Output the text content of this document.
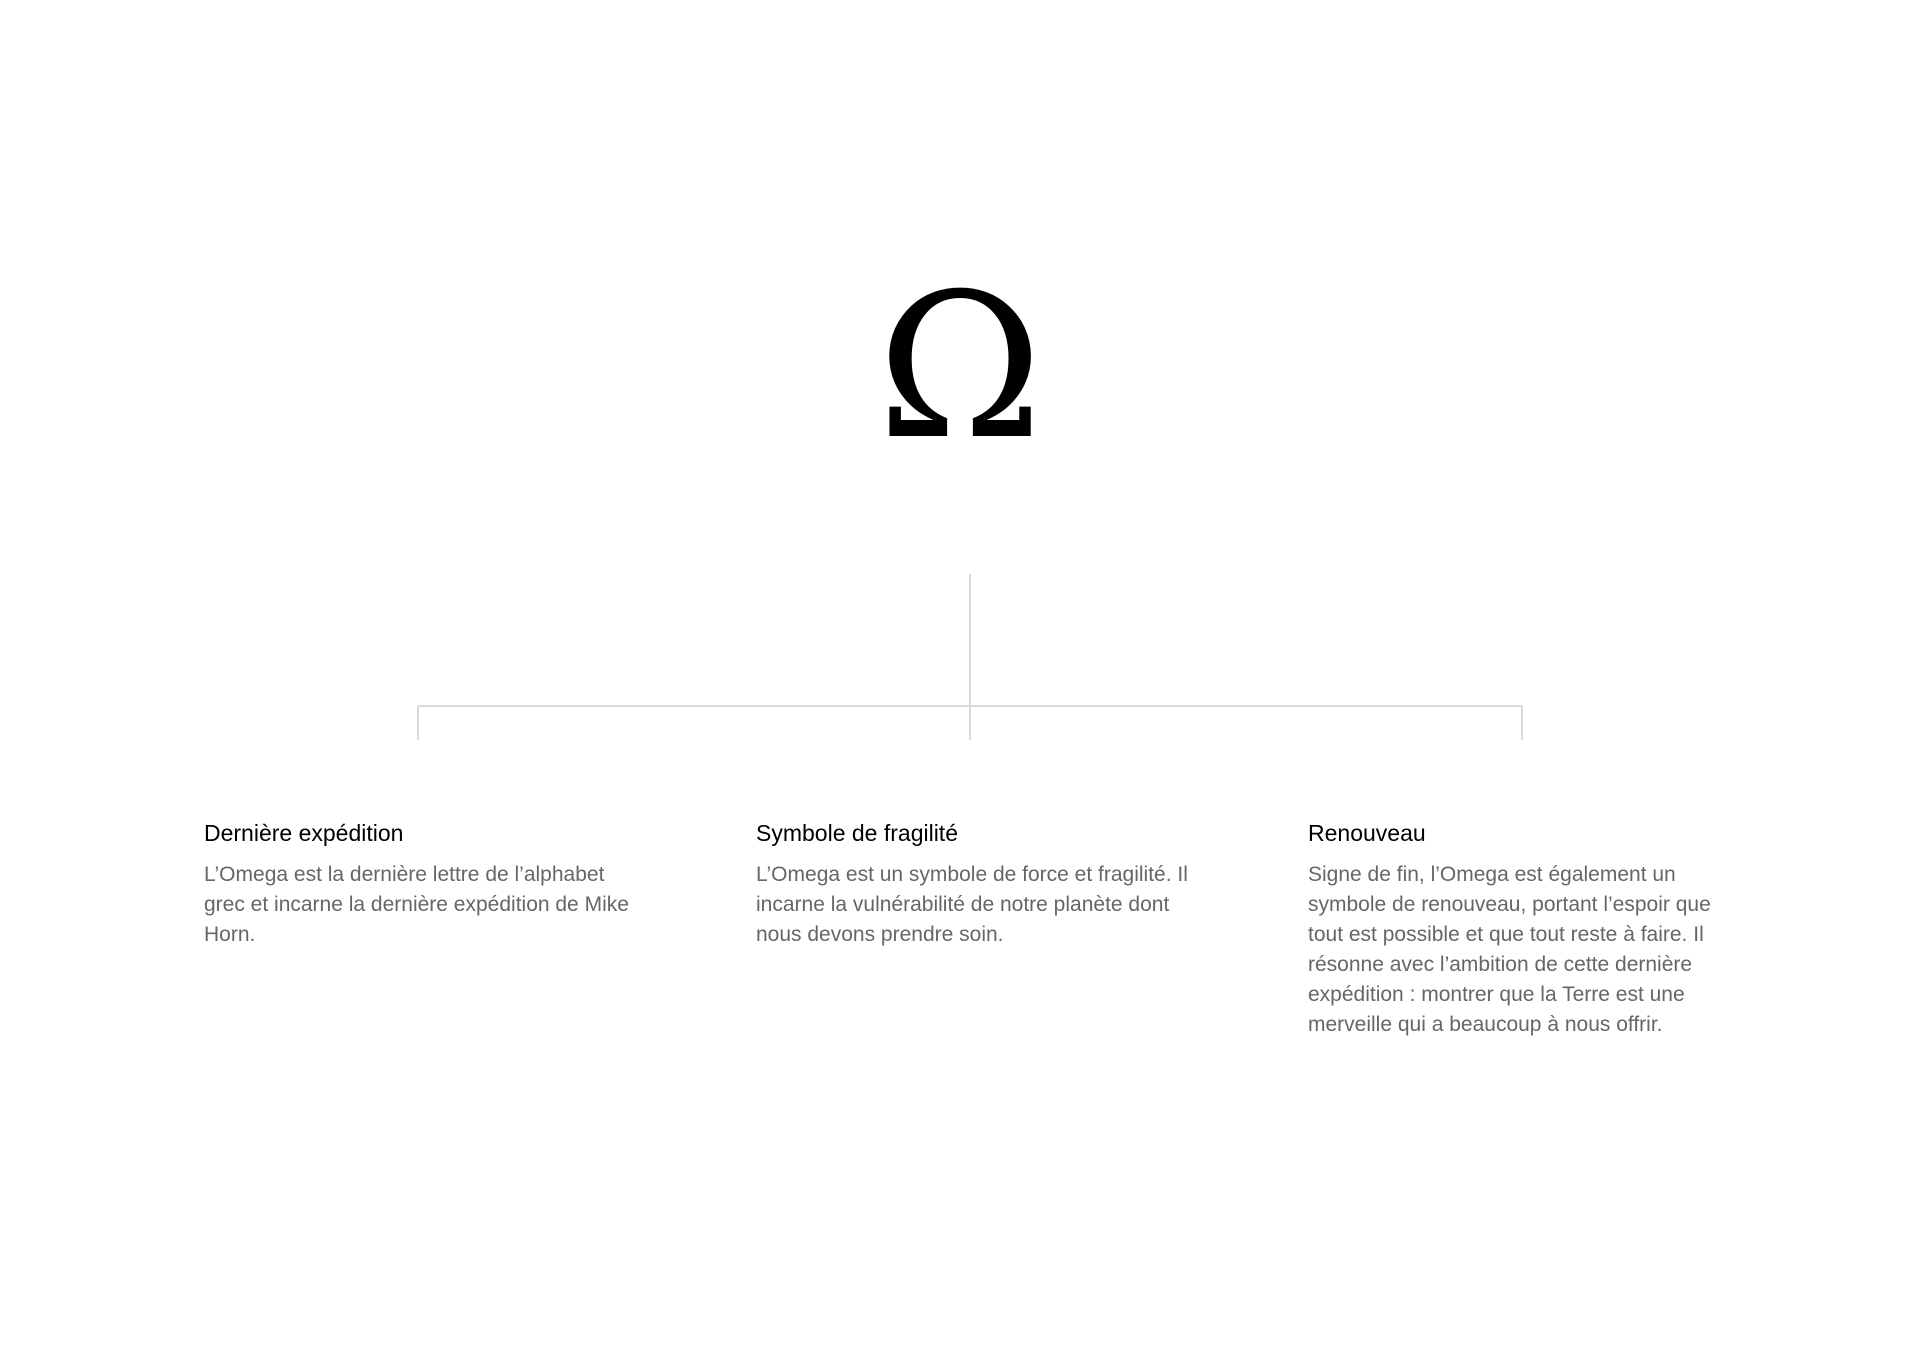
Ω
Dernière expédition

L’Omega est la dernière lettre de l’alphabet grec et incarne la dernière expédition de Mike Horn.

Symbole de fragilité

L’Omega est un symbole de force et fragilité. Il incarne la vulnérabilité de notre planète dont nous devons prendre soin.

Renouveau

Signe de fin, l’Omega est également un symbole de renouveau, portant l’espoir que tout est possible et que tout reste à faire. Il résonne avec l’ambition de cette dernière expédition : montrer que la Terre est une merveille qui a beaucoup à nous offrir.
